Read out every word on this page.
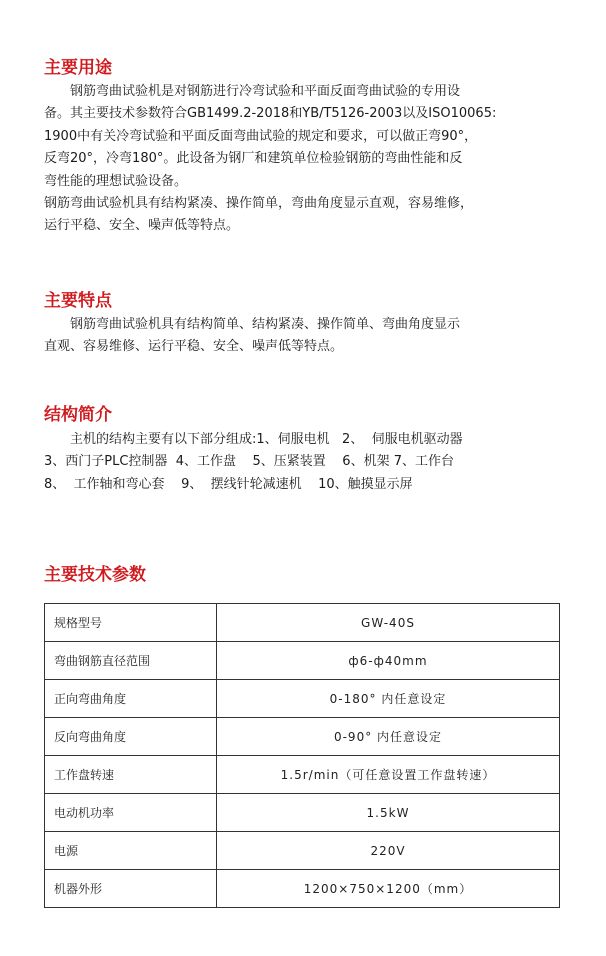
主要用途
钢筋弯曲试验机是对钢筋进行冷弯试验和平面反面弯曲试验的专用设
备。其主要技术参数符合GB1499.2-2018和YB/T5126-2003以及ISO10065:
1900中有关冷弯试验和平面反面弯曲试验的规定和要求，可以做正弯90°，
反弯20°，冷弯180°。此设备为钢厂和建筑单位检验钢筋的弯曲性能和反
弯性能的理想试验设备。
钢筋弯曲试验机具有结构紧凑、操作简单，弯曲角度显示直观，容易维修，
运行平稳、安全、噪声低等特点。
主要特点
钢筋弯曲试验机具有结构简单、结构紧凑、操作简单、弯曲角度显示
直观、容易维修、运行平稳、安全、噪声低等特点。
结构简介
主机的结构主要有以下部分组成:1、伺服电机   2、  伺服电机驱动器
3、西门子PLC控制器  4、工作盘    5、压紧装置    6、机架 7、工作台
8、  工作轴和弯心套    9、  摆线针轮减速机    10、触摸显示屏
主要技术参数
规格型号	GW-40S
弯曲钢筋直径范围	ф6-ф40mm
正向弯曲角度	0-180° 内任意设定
反向弯曲角度	0-90° 内任意设定
工作盘转速	1.5r/min（可任意设置工作盘转速）
电动机功率	1.5kW
电源	220V
机器外形	1200×750×1200（mm）
